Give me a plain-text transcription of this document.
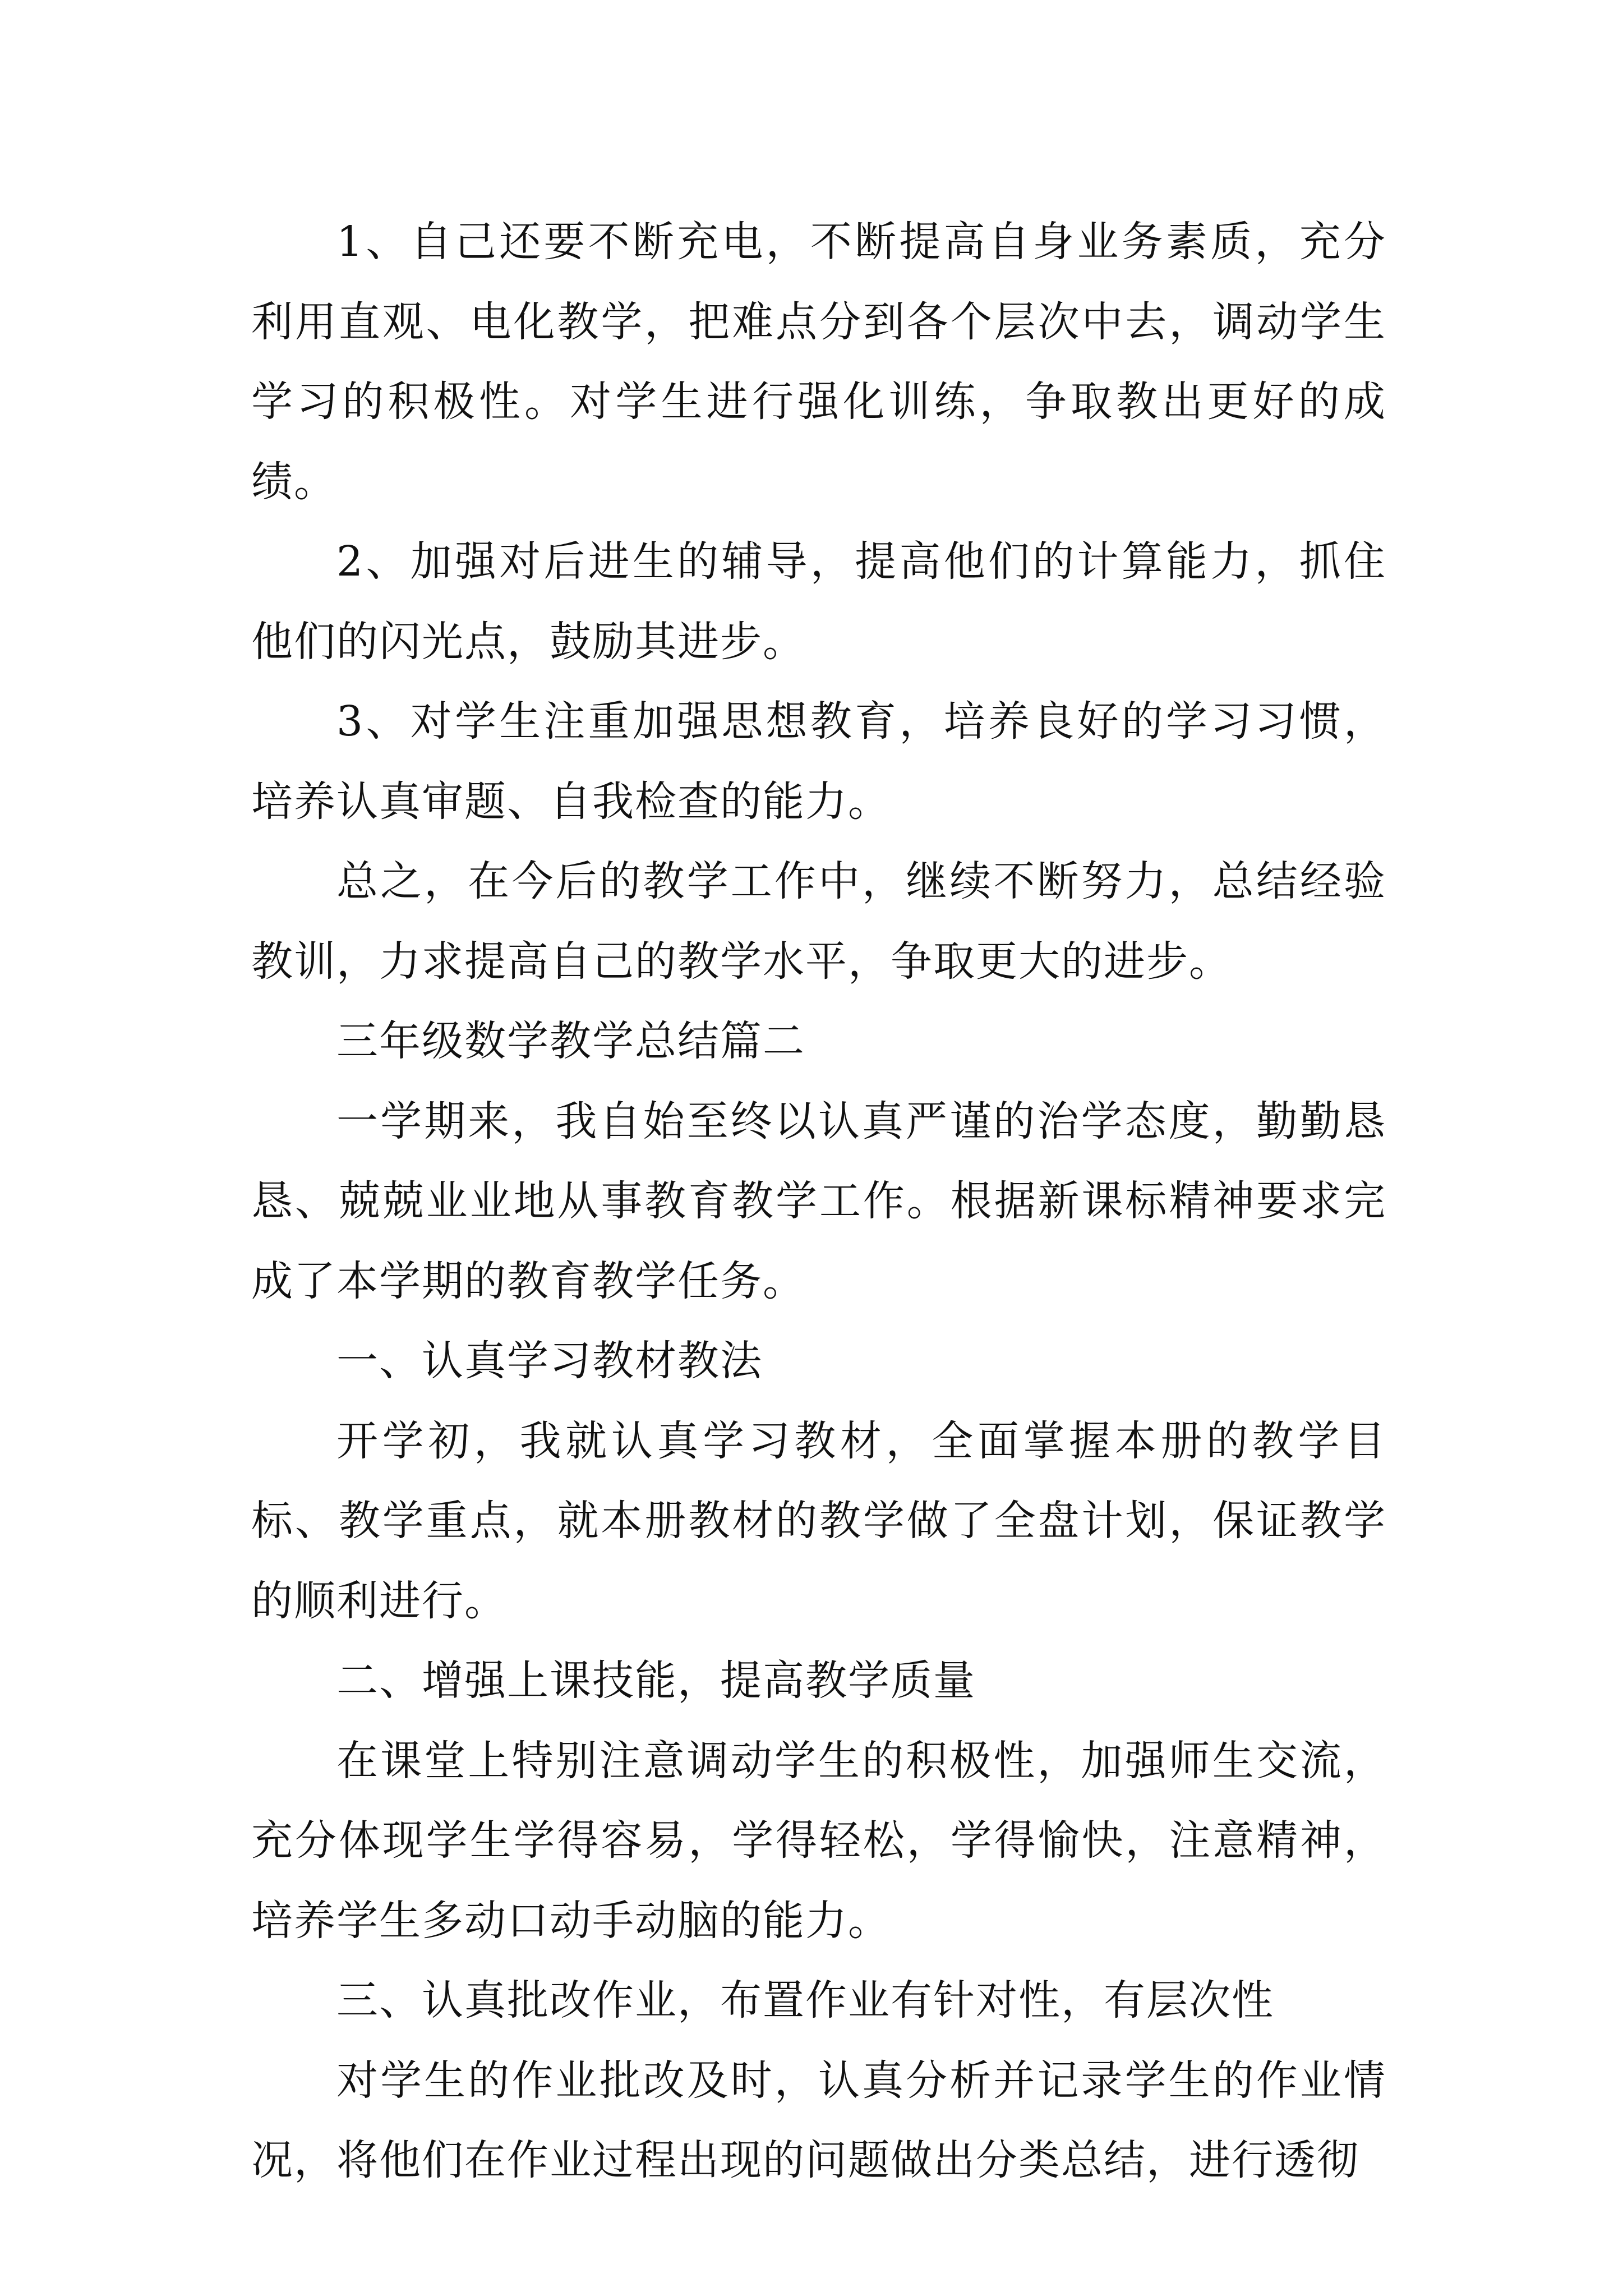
1、自己还要不断充电，不断提高自身业务素质，充分利用直观、电化教学，把难点分到各个层次中去，调动学生学习的积极性。对学生进行强化训练，争取教出更好的成绩。

2、加强对后进生的辅导，提高他们的计算能力，抓住他们的闪光点，鼓励其进步。

3、对学生注重加强思想教育，培养良好的学习习惯，培养认真审题、自我检查的能力。

总之，在今后的教学工作中，继续不断努力，总结经验教训，力求提高自己的教学水平，争取更大的进步。

三年级数学教学总结篇二

一学期来，我自始至终以认真严谨的治学态度，勤勤恳恳、兢兢业业地从事教育教学工作。根据新课标精神要求完成了本学期的教育教学任务。

一、认真学习教材教法

开学初，我就认真学习教材，全面掌握本册的教学目标、教学重点，就本册教材的教学做了全盘计划，保证教学的顺利进行。

二、增强上课技能，提高教学质量

在课堂上特别注意调动学生的积极性，加强师生交流，充分体现学生学得容易，学得轻松，学得愉快，注意精神，培养学生多动口动手动脑的能力。

三、认真批改作业，布置作业有针对性，有层次性

对学生的作业批改及时，认真分析并记录学生的作业情况，将他们在作业过程出现的问题做出分类总结，进行透彻
